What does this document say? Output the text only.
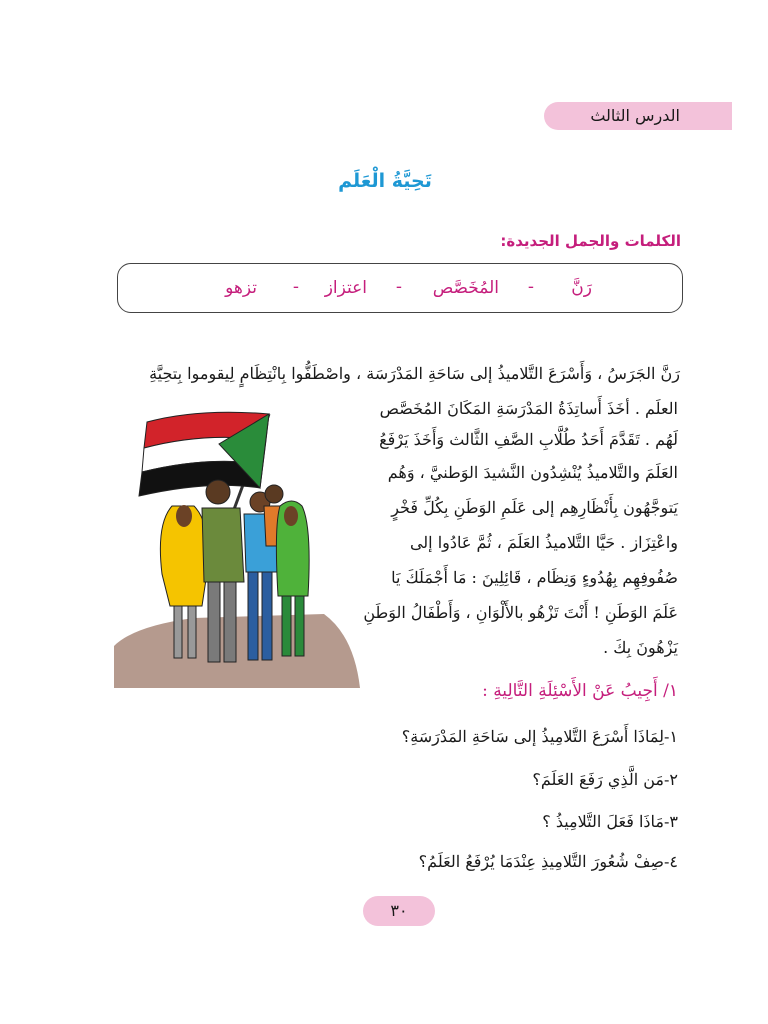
الدرس الثالث
تَحِيَّةُ الْعَلَم
الكلمات والجمل الجديدة:
رَنَّ
-
المُخَصَّص
-
اعتزاز
-
تزهو
رَنَّ الجَرَسُ ، وَأَسْرَعَ التَّلاميذُ إلى سَاحَةِ المَدْرَسَة ، واصْطَفُّوا بِانْتِظَامٍ لِيقوموا بِتحِيَّةِ
العلَم . أخَذَ أَساتِذَةُ المَدْرَسَةِ المَكَانَ المُخَصَّص
لَهُم . تَقَدَّمَ أَحَدُ طُلَّابِ الصَّفِ الثَّالث وَأَخَذَ يَرْفَعُ
العَلَمَ والتَّلاميذُ يُنْشِدُون النَّشيدَ الوَطنيَّ ، وَهُم
يَتوجَّهُون بِأَنْظَارِهِم إلى عَلَمِ الوَطَنِ بِكُلِّ فَخْرٍ
واعْتِزَاز . حَيَّا التَّلاميذُ العَلَمَ ، ثُمَّ عَادُوا إلى
صُفُوفِهِم بِهُدُوءٍ وَنِظَام ، قَائِلِينَ : مَا أَجْمَلَكَ يَا
عَلَمَ الوَطَنِ ! أَنْتَ تَزْهُو بالأَلْوَانِ ، وَأَطْفَالُ الوَطَنِ
يَزْهُونَ بِكَ .
١/ أَجِيبُ عَنْ الأَسْئِلَةِ التَّالِيةِ :
١-لِمَاذَا أَسْرَعَ التَّلامِيذُ إلى سَاحَةِ المَدْرَسَةِ؟
٢-مَن الَّذِي رَفَعَ العَلَمَ؟
٣-مَاذَا فَعَلَ التَّلامِيذُ ؟
٤-صِفْ شُعُورَ التَّلامِيذِ عِنْدَمَا يُرْفَعُ العَلَمُ؟
٣٠
